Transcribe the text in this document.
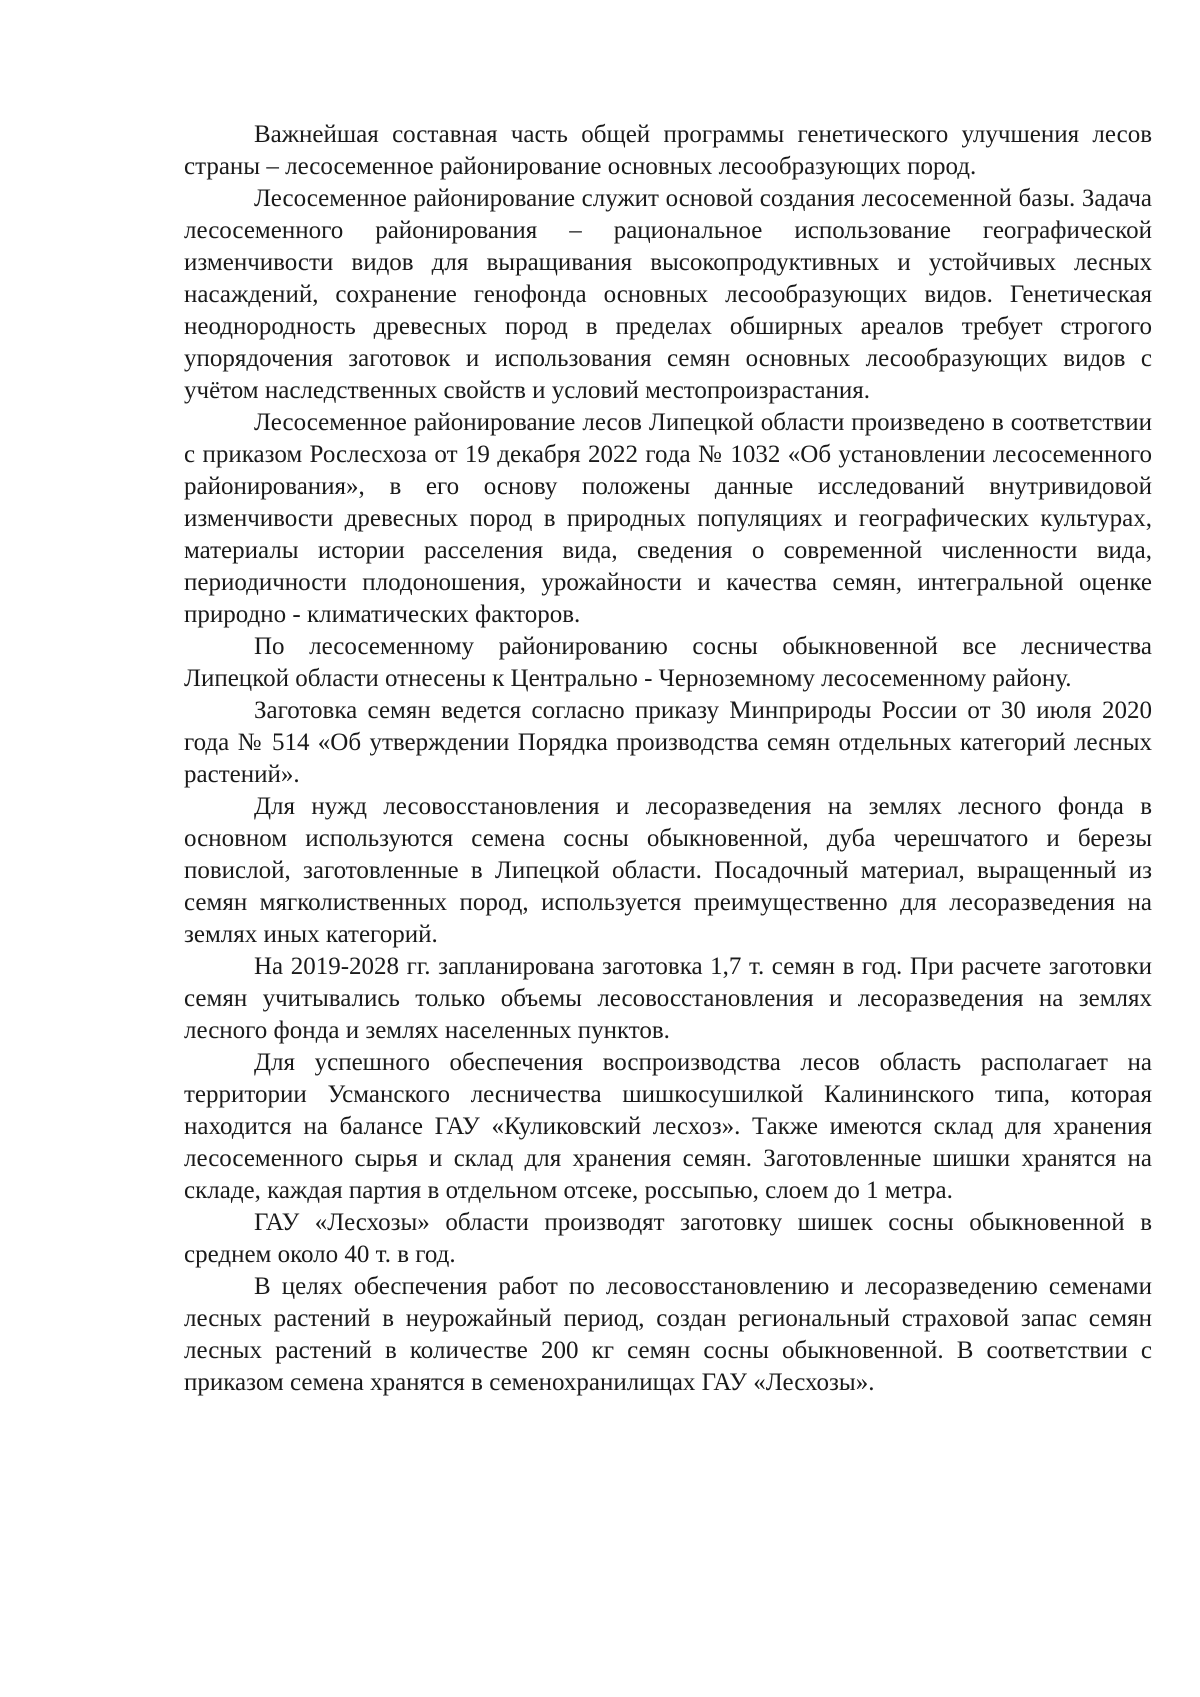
Важнейшая составная часть общей программы генетического улучшения лесов страны – лесосеменное районирование основных лесообразующих пород.

Лесосеменное районирование служит основой создания лесосеменной базы. Задача лесосеменного районирования – рациональное использование географической изменчивости видов для выращивания высокопродуктивных и устойчивых лесных насаждений, сохранение генофонда основных лесообразующих видов. Генетическая неоднородность древесных пород в пределах обширных ареалов требует строгого упорядочения заготовок и использования семян основных лесообразующих видов с учётом наследственных свойств и условий местопроизрастания.

Лесосеменное районирование лесов Липецкой области произведено в соответствии с приказом Рослесхоза от 19 декабря 2022 года № 1032 «Об установлении лесосеменного районирования», в его основу положены данные исследований внутривидовой изменчивости древесных пород в природных популяциях и географических культурах, материалы истории расселения вида, сведения о современной численности вида, периодичности плодоношения, урожайности и качества семян, интегральной оценке природно - климатических факторов.

По лесосеменному районированию сосны обыкновенной все лесничества Липецкой области отнесены к Центрально - Черноземному лесосеменному району.

Заготовка семян ведется согласно приказу Минприроды России от 30 июля 2020 года № 514 «Об утверждении Порядка производства семян отдельных категорий лесных растений».

Для нужд лесовосстановления и лесоразведения на землях лесного фонда в основном используются семена сосны обыкновенной, дуба черешчатого и березы повислой, заготовленные в Липецкой области. Посадочный материал, выращенный из семян мягколиственных пород, используется преимущественно для лесоразведения на землях иных категорий.

На 2019-2028 гг. запланирована заготовка 1,7 т. семян в год. При расчете заготовки семян учитывались только объемы лесовосстановления и лесоразведения на землях лесного фонда и землях населенных пунктов.

Для успешного обеспечения воспроизводства лесов область располагает на территории Усманского лесничества шишкосушилкой Калининского типа, которая находится на балансе ГАУ «Куликовский лесхоз». Также имеются склад для хранения лесосеменного сырья и склад для хранения семян. Заготовленные шишки хранятся на складе, каждая партия в отдельном отсеке, россыпью, слоем до 1 метра.

ГАУ «Лесхозы» области производят заготовку шишек сосны обыкновенной в среднем около 40 т. в год.

В целях обеспечения работ по лесовосстановлению и лесоразведению семенами лесных растений в неурожайный период, создан региональный страховой запас семян лесных растений в количестве 200 кг семян сосны обыкновенной. В соответствии с приказом семена хранятся в семенохранилищах ГАУ «Лесхозы».
